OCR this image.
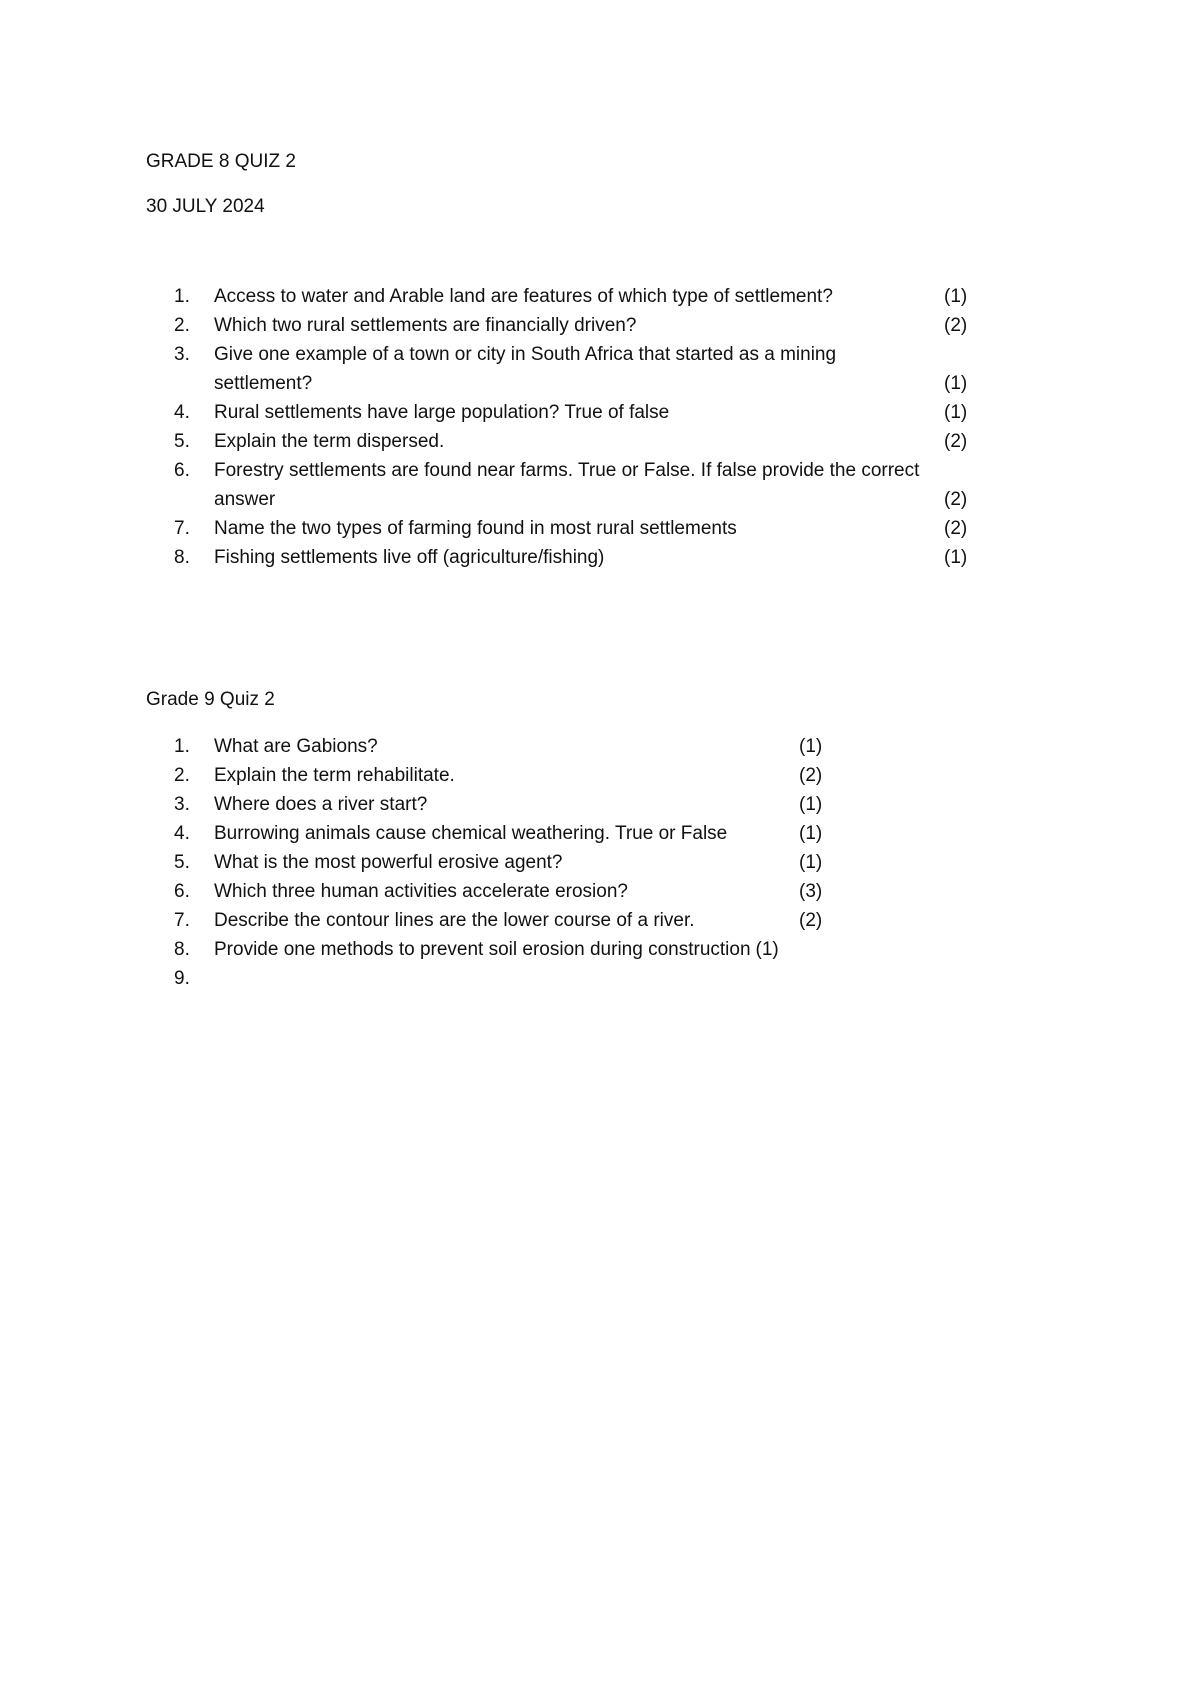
GRADE 8 QUIZ 2
30 JULY 2024
1.	Access to water and Arable land are features of which type of settlement?	(1)
2.	Which two rural settlements are financially driven?	(2)
3.	Give one example of a town or city in South Africa that started as a mining settlement?	(1)
4.	Rural settlements have large population? True of false	(1)
5.	Explain the term dispersed.	(2)
6.	Forestry settlements are found near farms. True or False. If false provide the correct answer	(2)
7.	Name the two types of farming found in most rural settlements	(2)
8.	Fishing settlements live off (agriculture/fishing)	(1)
Grade 9 Quiz 2
1.	What are Gabions?	(1)
2.	Explain the term rehabilitate.	(2)
3.	Where does a river start?	(1)
4.	Burrowing animals cause chemical weathering. True or False	(1)
5.	What is the most powerful erosive agent?	(1)
6.	Which three human activities accelerate erosion?	(3)
7.	Describe the contour lines are the lower course of a river.	(2)
8.	Provide one methods to prevent soil erosion during construction (1)
9.
